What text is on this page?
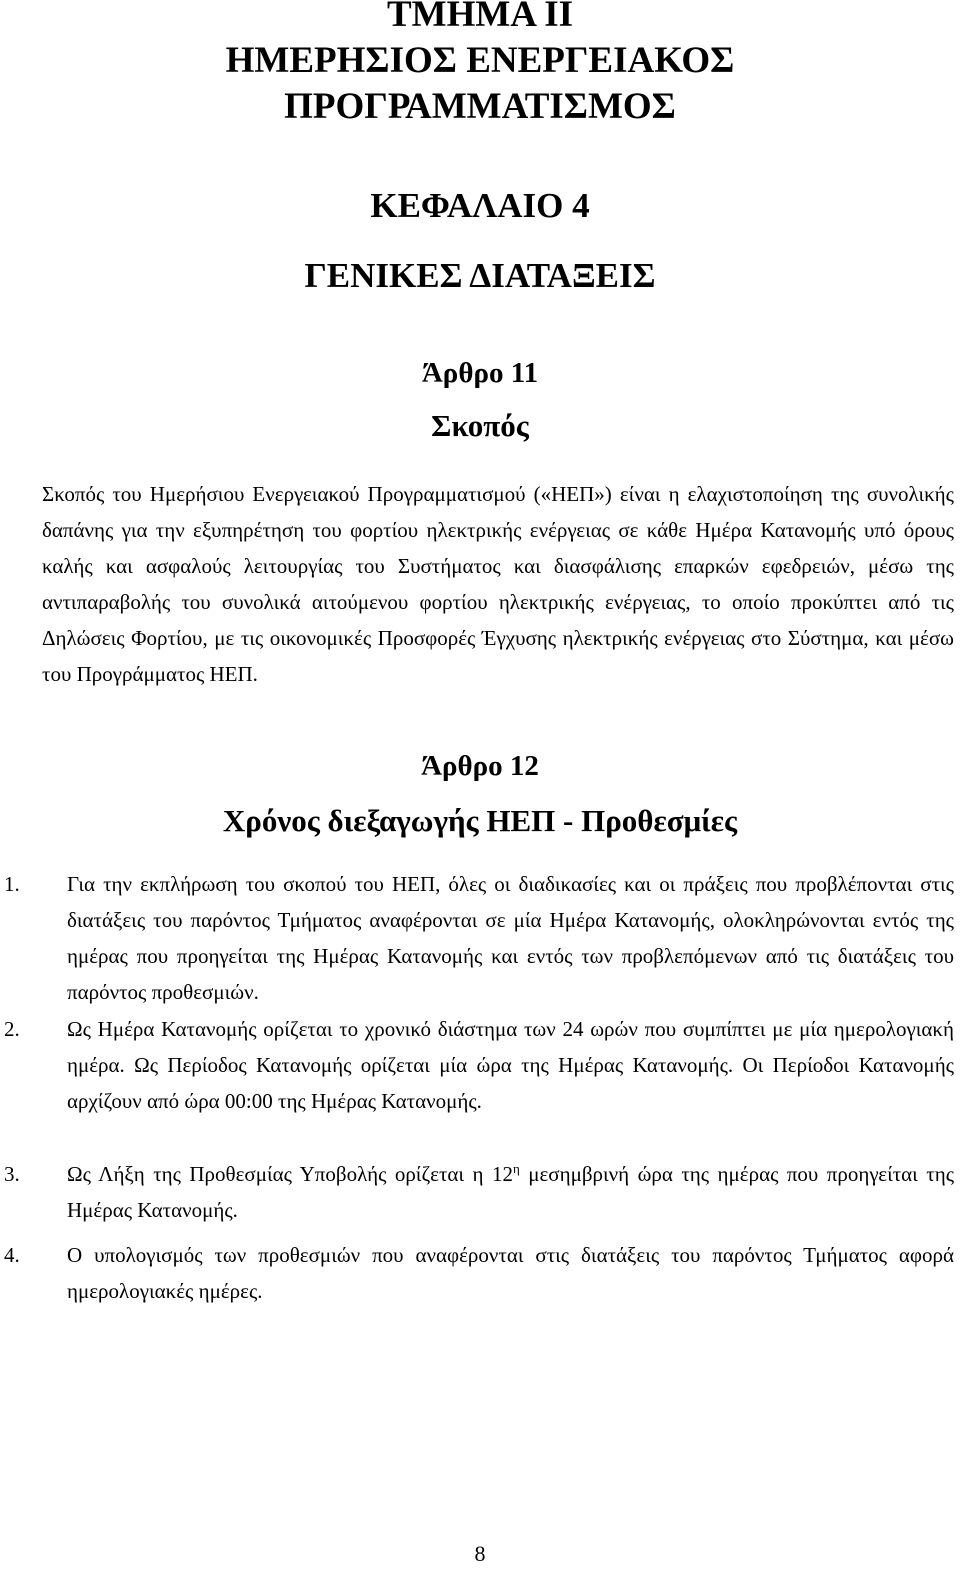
ΤΜΗΜΑ ΙΙ
ΗΜΕΡΗΣΙΟΣ ΕΝΕΡΓΕΙΑΚΟΣ
ΠΡΟΓΡΑΜΜΑΤΙΣΜΟΣ
ΚΕΦΑΛΑΙΟ 4
ΓΕΝΙΚΕΣ ΔΙΑΤΑΞΕΙΣ
Άρθρο 11
Σκοπός

Σκοπός του Ημερήσιου Ενεργειακού Προγραμματισμού («ΗΕΠ») είναι η ελαχιστοποίηση της συνολικής δαπάνης για την εξυπηρέτηση του φορτίου ηλεκτρικής ενέργειας σε κάθε Ημέρα Κατανομής υπό όρους καλής και ασφαλούς λειτουργίας του Συστήματος και διασφάλισης επαρκών εφεδρειών, μέσω της αντιπαραβολής του συνολικά αιτούμενου φορτίου ηλεκτρικής ενέργειας, το οποίο προκύπτει από τις Δηλώσεις Φορτίου, με τις οικονομικές Προσφορές Έγχυσης ηλεκτρικής ενέργειας στο Σύστημα, και μέσω του Προγράμματος ΗΕΠ.

Άρθρο 12
Χρόνος διεξαγωγής ΗΕΠ - Προθεσμίες
1. Για την εκπλήρωση του σκοπού του ΗΕΠ, όλες οι διαδικασίες και οι πράξεις που προβλέπονται στις διατάξεις του παρόντος Τμήματος αναφέρονται σε μία Ημέρα Κατανομής, ολοκληρώνονται εντός της ημέρας που προηγείται της Ημέρας Κατανομής και εντός των προβλεπόμενων από τις διατάξεις του παρόντος προθεσμιών.

2. Ως Ημέρα Κατανομής ορίζεται το χρονικό διάστημα των 24 ωρών που συμπίπτει με μία ημερολογιακή ημέρα. Ως Περίοδος Κατανομής ορίζεται μία ώρα της Ημέρας Κατανομής. Οι Περίοδοι Κατανομής αρχίζουν από ώρα 00:00 της Ημέρας Κατανομής.

3. Ως Λήξη της Προθεσμίας Υποβολής ορίζεται η $12^\eta$ μεσημβρινή ώρα της ημέρας που προηγείται της Ημέρας Κατανομής.

4. Ο υπολογισμός των προθεσμιών που αναφέρονται στις διατάξεις του παρόντος Τμήματος αφορά ημερολογιακές ημέρες.

8
